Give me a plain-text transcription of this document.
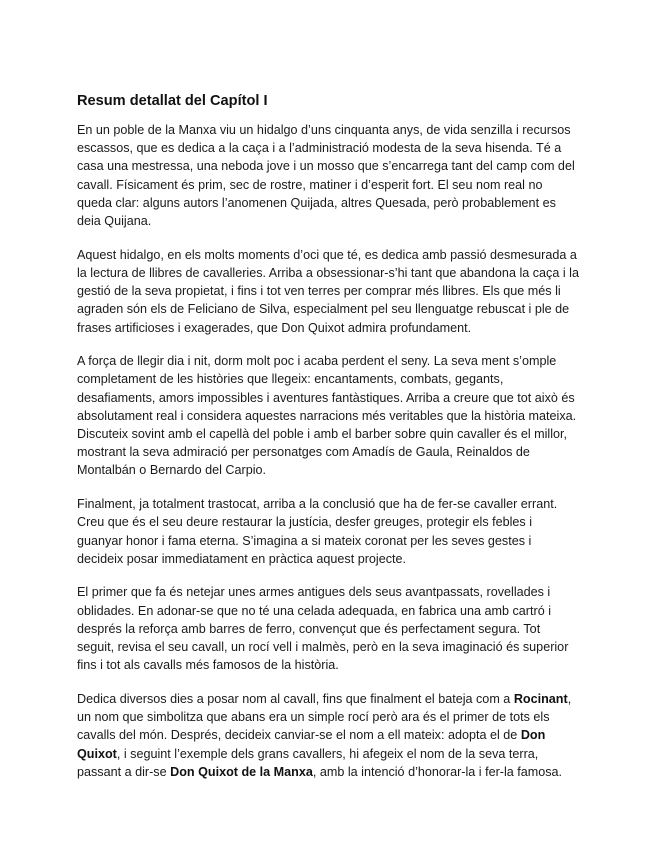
Resum detallat del Capítol I

En un poble de la Manxa viu un hidalgo d’uns cinquanta anys, de vida senzilla i recursos escassos, que es dedica a la caça i a l’administració modesta de la seva hisenda. Té a casa una mestressa, una neboda jove i un mosso que s’encarrega tant del camp com del cavall. Físicament és prim, sec de rostre, matiner i d’esperit fort. El seu nom real no queda clar: alguns autors l’anomenen Quijada, altres Quesada, però probablement es deia Quijana.

Aquest hidalgo, en els molts moments d’oci que té, es dedica amb passió desmesurada a la lectura de llibres de cavalleries. Arriba a obsessionar-s’hi tant que abandona la caça i la gestió de la seva propietat, i fins i tot ven terres per comprar més llibres. Els que més li agraden són els de Feliciano de Silva, especialment pel seu llenguatge rebuscat i ple de frases artificioses i exagerades, que Don Quixot admira profundament.

A força de llegir dia i nit, dorm molt poc i acaba perdent el seny. La seva ment s’omple completament de les històries que llegeix: encantaments, combats, gegants, desafiaments, amors impossibles i aventures fantàstiques. Arriba a creure que tot això és absolutament real i considera aquestes narracions més veritables que la història mateixa. Discuteix sovint amb el capellà del poble i amb el barber sobre quin cavaller és el millor, mostrant la seva admiració per personatges com Amadís de Gaula, Reinaldos de Montalbán o Bernardo del Carpio.

Finalment, ja totalment trastocat, arriba a la conclusió que ha de fer-se cavaller errant. Creu que és el seu deure restaurar la justícia, desfer greuges, protegir els febles i guanyar honor i fama eterna. S’imagina a si mateix coronat per les seves gestes i decideix posar immediatament en pràctica aquest projecte.

El primer que fa és netejar unes armes antigues dels seus avantpassats, rovellades i oblidades. En adonar-se que no té una celada adequada, en fabrica una amb cartró i després la reforça amb barres de ferro, convençut que és perfectament segura. Tot seguit, revisa el seu cavall, un rocí vell i malmès, però en la seva imaginació és superior fins i tot als cavalls més famosos de la història.

Dedica diversos dies a posar nom al cavall, fins que finalment el bateja com a Rocinant, un nom que simbolitza que abans era un simple rocí però ara és el primer de tots els cavalls del món. Després, decideix canviar-se el nom a ell mateix: adopta el de Don Quixot, i seguint l’exemple dels grans cavallers, hi afegeix el nom de la seva terra, passant a dir-se Don Quixot de la Manxa, amb la intenció d’honorar-la i fer-la famosa.
